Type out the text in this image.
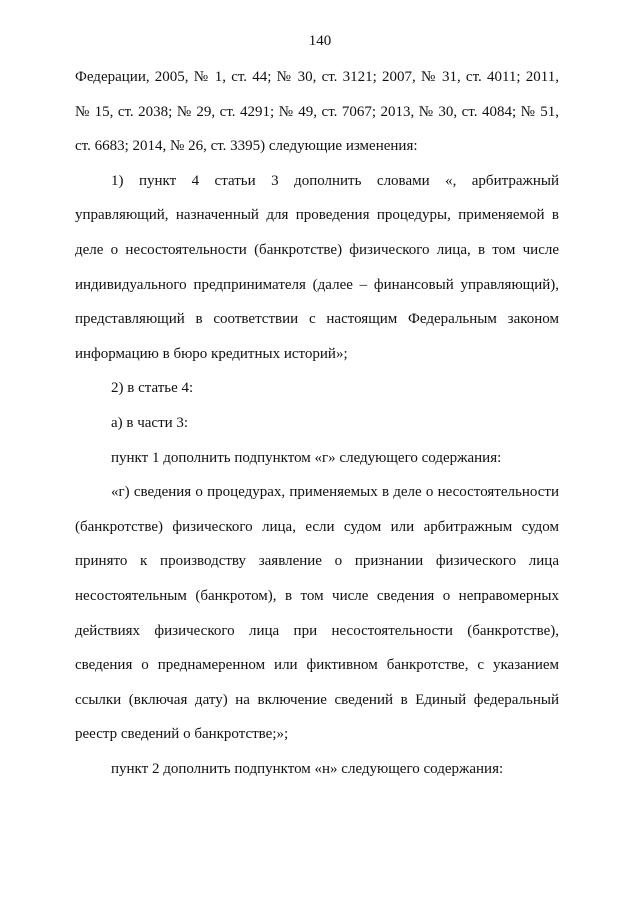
140
Федерации, 2005, № 1, ст. 44; № 30, ст. 3121; 2007, № 31, ст. 4011; 2011,
№ 15, ст. 2038; № 29, ст. 4291; № 49, ст. 7067; 2013, № 30, ст. 4084; № 51,
ст. 6683; 2014, № 26, ст. 3395) следующие изменения:
1) пункт 4 статьи 3 дополнить словами «, арбитражный
управляющий, назначенный для проведения процедуры, применяемой в
деле о несостоятельности (банкротстве) физического лица, в том числе
индивидуального предпринимателя (далее – финансовый управляющий),
представляющий в соответствии с настоящим Федеральным законом
информацию в бюро кредитных историй»;
2) в статье 4:
а) в части 3:
пункт 1 дополнить подпунктом «г» следующего содержания:
«г) сведения о процедурах, применяемых в деле о несостоятельности
(банкротстве) физического лица, если судом или арбитражным судом
принято к производству заявление о признании физического лица
несостоятельным (банкротом), в том числе сведения о неправомерных
действиях физического лица при несостоятельности (банкротстве),
сведения о преднамеренном или фиктивном банкротстве, с указанием
ссылки (включая дату) на включение сведений в Единый федеральный
реестр сведений о банкротстве;»;
пункт 2 дополнить подпунктом «н» следующего содержания:
